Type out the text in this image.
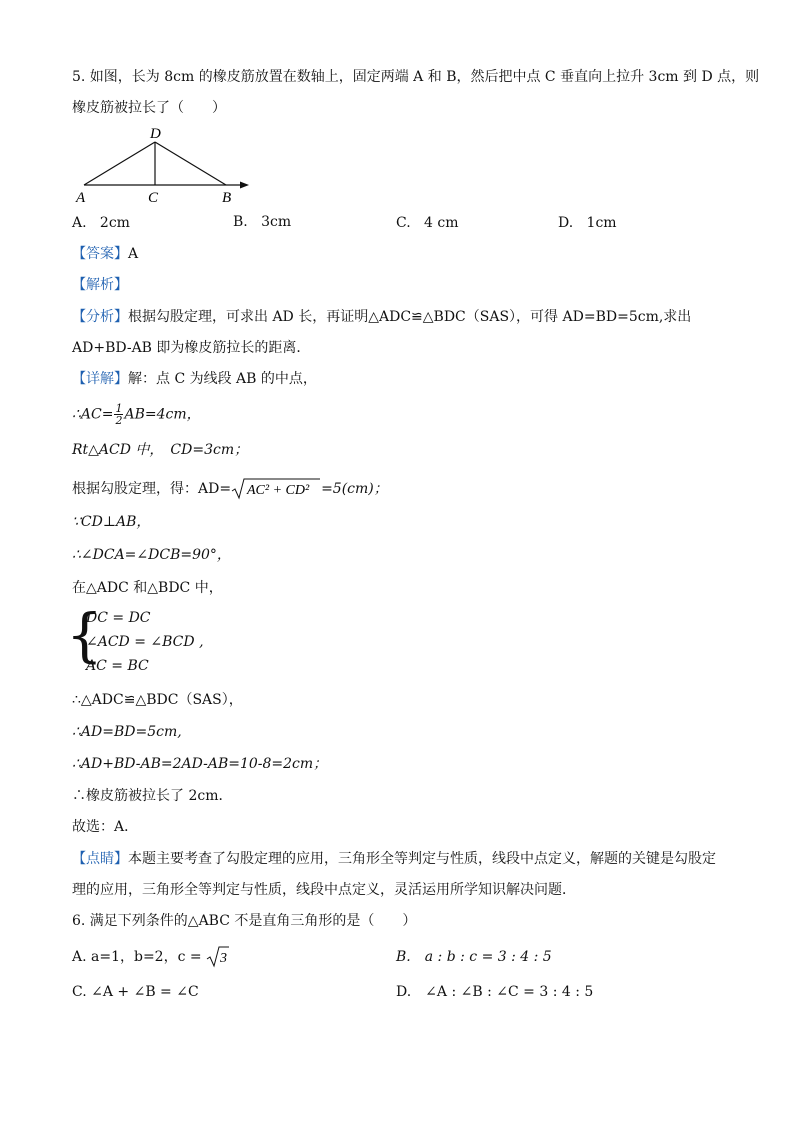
5. 如图，长为 8cm 的橡皮筋放置在数轴上，固定两端 A 和 B，然后把中点 C 垂直向上拉升 3cm 到 D 点，则
橡皮筋被拉长了（　　）
D
A	C	B
A. 2cm	B. 3cm	C. 4 cm	D. 1cm
【答案】A
【解析】
【分析】根据勾股定理，可求出 AD 长，再证明△ADC≌△BDC（SAS），可得 AD=BD=5cm,求出
AD+BD-AB 即为橡皮筋拉长的距离．
【详解】解：点 C 为线段 AB 的中点，
∴AC= $\frac{1}{2} AB=4cm$，
Rt△ACD 中，　CD=3cm；
根据勾股定理，得：AD= AC² + CD² =5(cm)；
∵CD⊥AB，
∴∠DCA=∠DCB=90°，
在△ADC 和△BDC 中，
{
DC = DC
∠ACD = ∠BCD ,
AC = BC
∴△ADC≌△BDC（SAS），
∴AD=BD=5cm,
∴AD+BD-AB=2AD-AB=10-8=2cm；
∴橡皮筋被拉长了 2cm．
故选：A．
【点睛】本题主要考查了勾股定理的应用，三角形全等判定与性质，线段中点定义，解题的关键是勾股定
理的应用，三角形全等判定与性质，线段中点定义，灵活运用所学知识解决问题．
6. 满足下列条件的△ABC 不是直角三角形的是（　　）
A. a=1，b=2，c = 3	B.　a : b : c = 3 : 4 : 5
C. ∠A + ∠B = ∠C	D.　∠A : ∠B : ∠C = 3 : 4 : 5
